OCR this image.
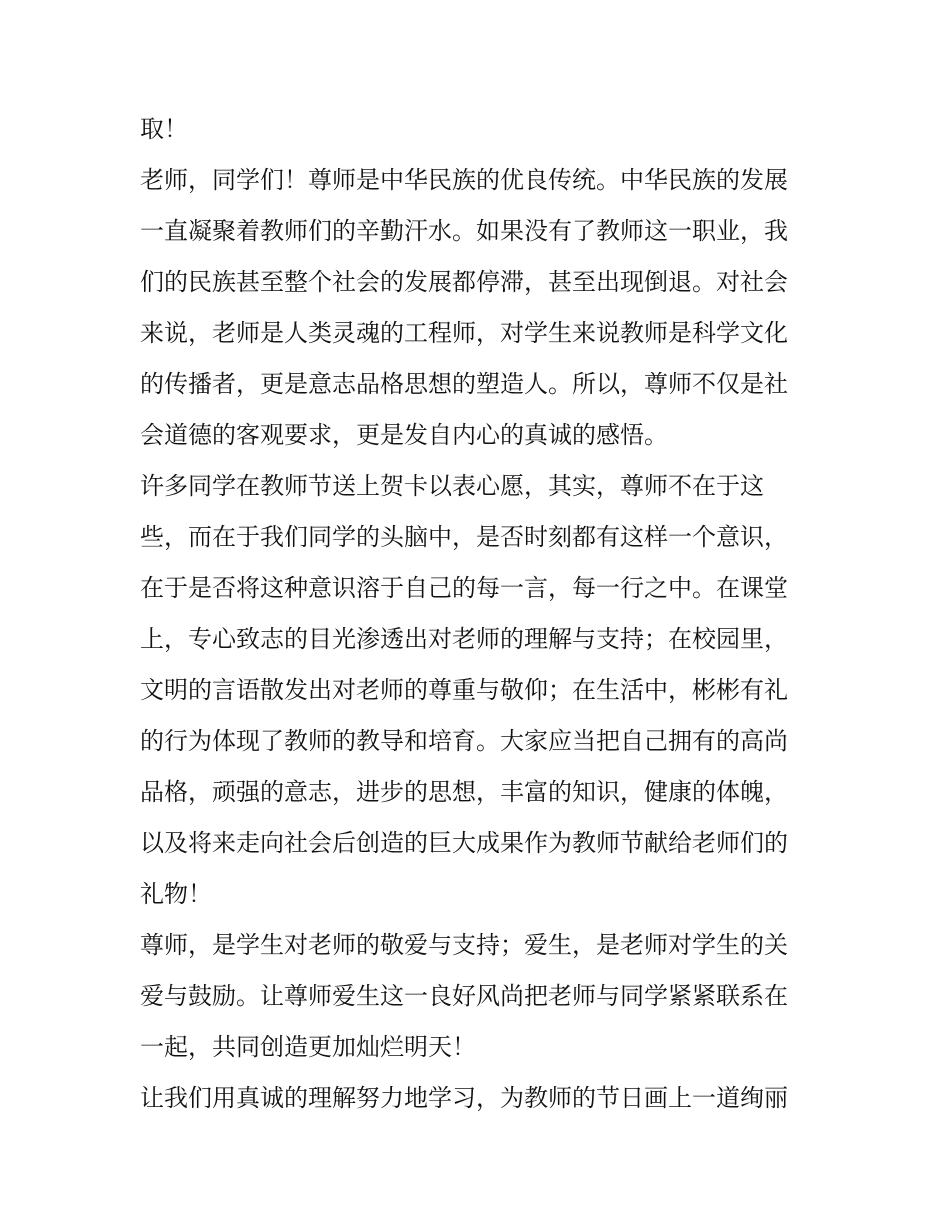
取！
老师，同学们！尊师是中华民族的优良传统。中华民族的发展
一直凝聚着教师们的辛勤汗水。如果没有了教师这一职业，我
们的民族甚至整个社会的发展都停滞，甚至出现倒退。对社会
来说，老师是人类灵魂的工程师，对学生来说教师是科学文化
的传播者，更是意志品格思想的塑造人。所以，尊师不仅是社
会道德的客观要求，更是发自内心的真诚的感悟。
许多同学在教师节送上贺卡以表心愿，其实，尊师不在于这
些，而在于我们同学的头脑中，是否时刻都有这样一个意识，
在于是否将这种意识溶于自己的每一言，每一行之中。在课堂
上，专心致志的目光渗透出对老师的理解与支持；在校园里，
文明的言语散发出对老师的尊重与敬仰；在生活中，彬彬有礼
的行为体现了教师的教导和培育。大家应当把自己拥有的高尚
品格，顽强的意志，进步的思想，丰富的知识，健康的体魄，
以及将来走向社会后创造的巨大成果作为教师节献给老师们的
礼物！
尊师，是学生对老师的敬爱与支持；爱生，是老师对学生的关
爱与鼓励。让尊师爱生这一良好风尚把老师与同学紧紧联系在
一起，共同创造更加灿烂明天！
让我们用真诚的理解努力地学习，为教师的节日画上一道绚丽
